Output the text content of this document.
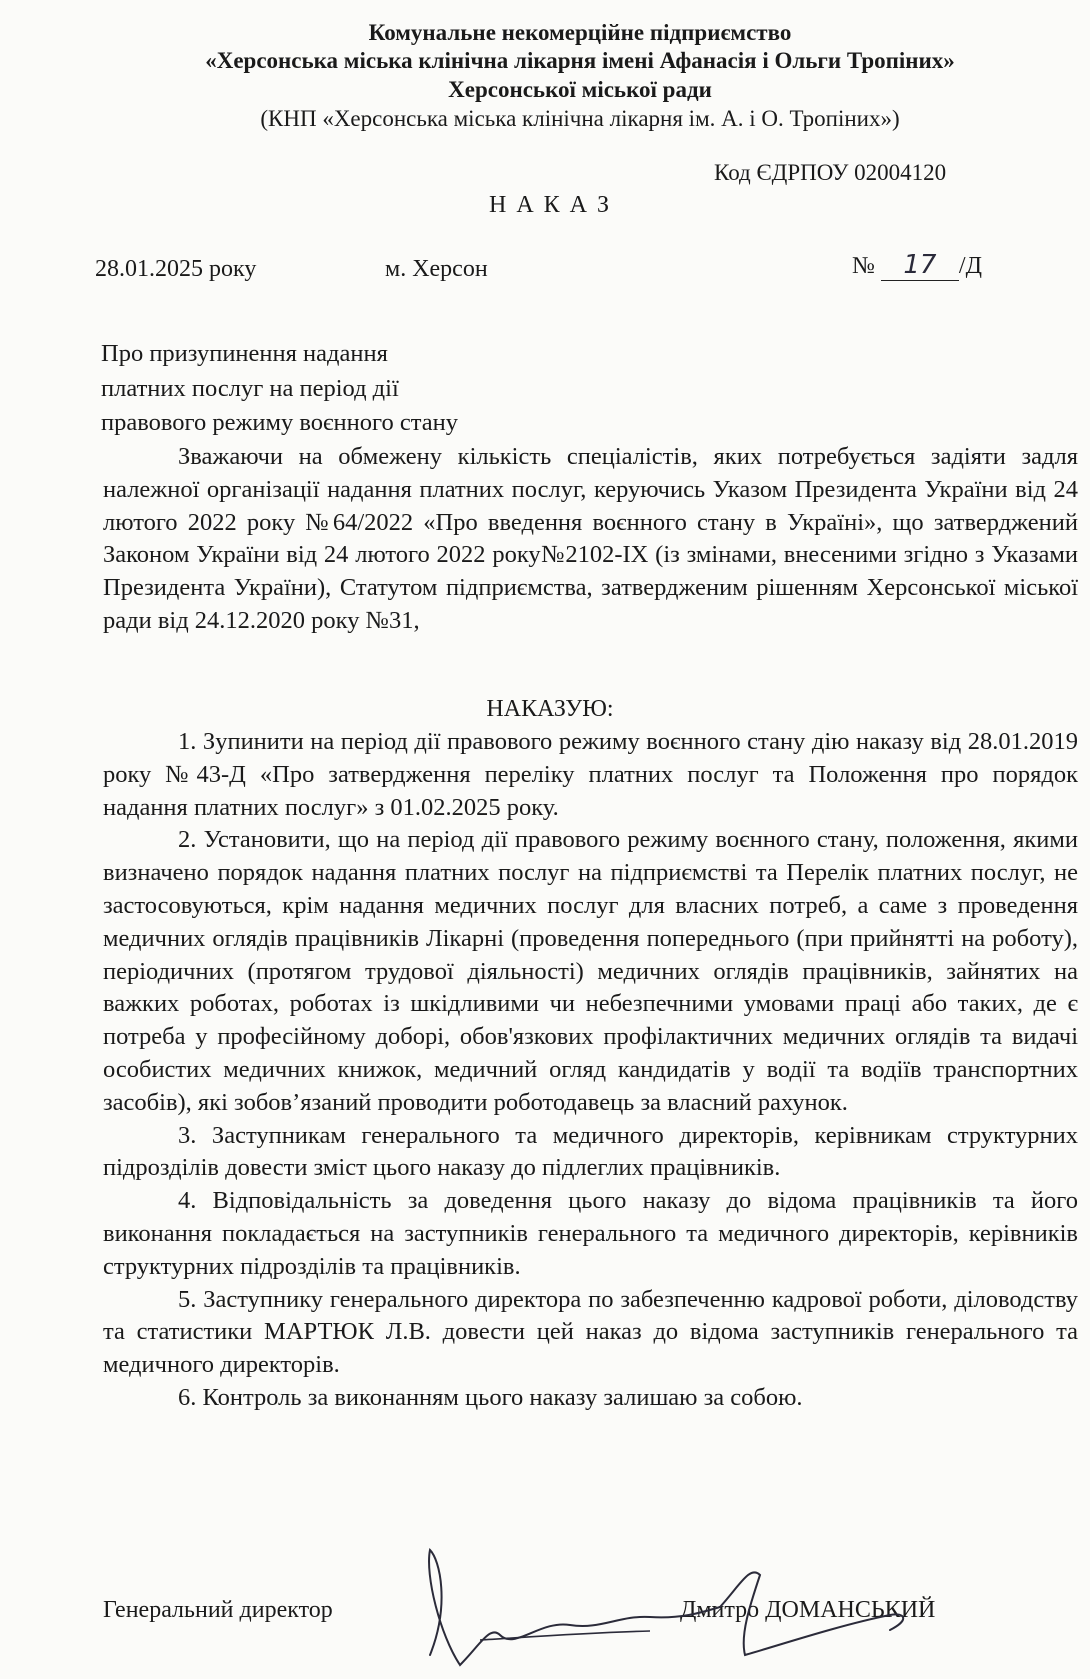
Комунальне некомерційне підприємство
«Херсонська міська клінічна лікарня імені Афанасія і Ольги Тропіних»
Херсонської міської ради
(КНП «Херсонська міська клінічна лікарня ім. А. і О. Тропіних»)
Код ЄДРПОУ 02004120
Н А К А З
28.01.2025 року	м. Херсон	№ 17 /Д
Про призупинення надання
платних послуг на період дії
правового режиму воєнного стану

Зважаючи на обмежену кількість спеціалістів, яких потребується задіяти задля належної організації надання платних послуг, керуючись Указом Президента України від 24 лютого 2022 року №64/2022 «Про введення воєнного стану в Україні», що затверджений Законом України від 24 лютого 2022 року№2102-IX (із змінами, внесеними згідно з Указами Президента України), Статутом підприємства, затвердженим рішенням Херсонської міської ради від 24.12.2020 року №31,

НАКАЗУЮ:

1. Зупинити на період дії правового режиму воєнного стану дію наказу від 28.01.2019 року №43-Д «Про затвердження переліку платних послуг та Положення про порядок надання платних послуг» з 01.02.2025 року.

2. Установити, що на період дії правового режиму воєнного стану, положення, якими визначено порядок надання платних послуг на підприємстві та Перелік платних послуг, не застосовуються, крім надання медичних послуг для власних потреб, а саме з проведення медичних оглядів працівників Лікарні (проведення попереднього (при прийнятті на роботу), періодичних (протягом трудової діяльності) медичних оглядів працівників, зайнятих на важких роботах, роботах із шкідливими чи небезпечними умовами праці або таких, де є потреба у професійному доборі, обов'язкових профілактичних медичних оглядів та видачі особистих медичних книжок, медичний огляд кандидатів у водії та водіїв транспортних засобів), які зобов’язаний проводити роботодавець за власний рахунок.

3. Заступникам генерального та медичного директорів, керівникам структурних підрозділів довести зміст цього наказу до підлеглих працівників.

4. Відповідальність за доведення цього наказу до відома працівників та його виконання покладається на заступників генерального та медичного директорів, керівників структурних підрозділів та працівників.

5. Заступнику генерального директора по забезпеченню кадрової роботи, діловодству та статистики МАРТЮК Л.В. довести цей наказ до відома заступників генерального та медичного директорів.

6. Контроль за виконанням цього наказу залишаю за собою.

Генеральний директор	Дмитро ДОМАНСЬКИЙ
